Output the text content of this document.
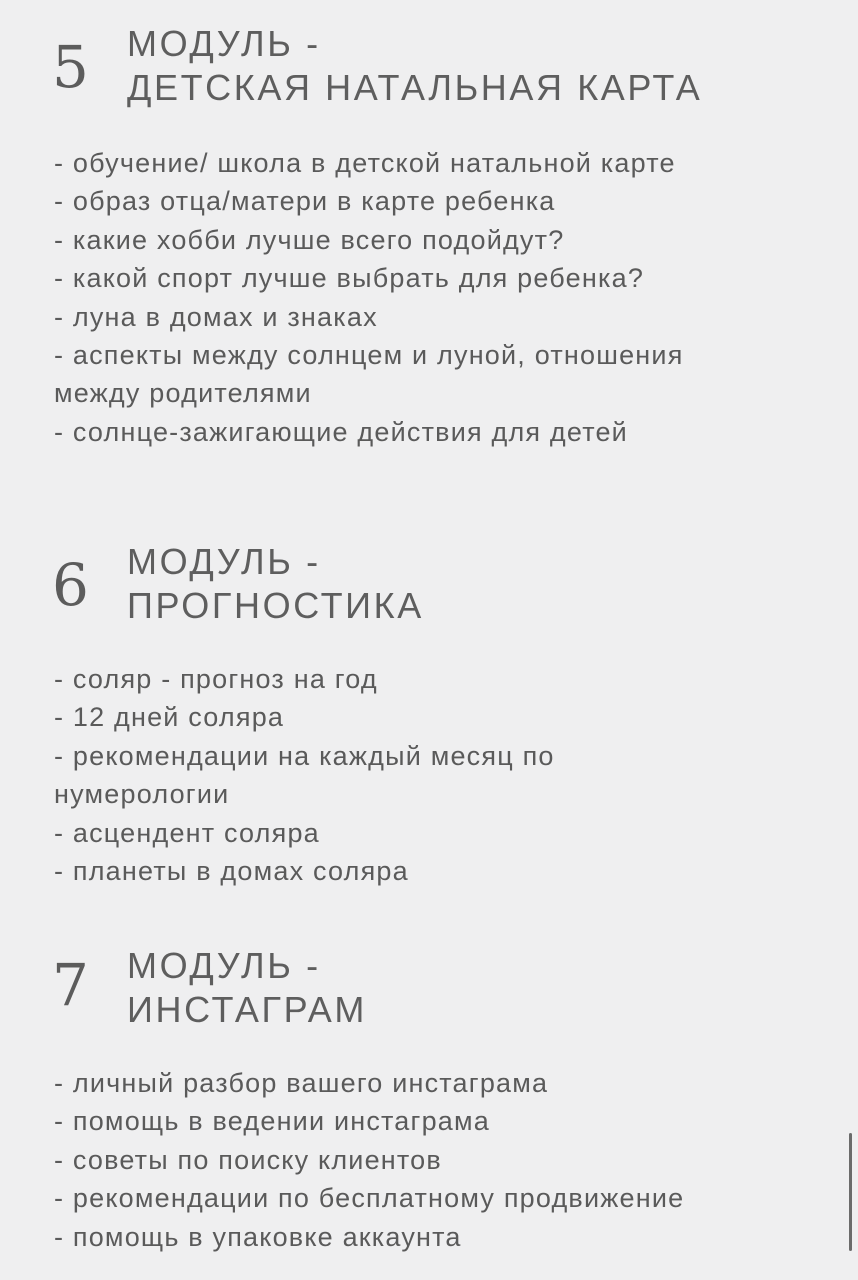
5 МОДУЛЬ -
ДЕТСКАЯ НАТАЛЬНАЯ КАРТА
- обучение/ школа в детской натальной карте
- образ отца/матери в карте ребенка
- какие хобби лучше всего подойдут?
- какой спорт лучше выбрать для ребенка?
- луна в домах и знаках
- аспекты между солнцем и луной, отношения
между родителями
- солнце-зажигающие действия для детей
6 МОДУЛЬ -
ПРОГНОСТИКА
- соляр - прогноз на год
- 12 дней соляра
- рекомендации на каждый месяц по
нумерологии
- асцендент соляра
- планеты в домах соляра
7 МОДУЛЬ -
ИНСТАГРАМ
- личный разбор вашего инстаграма
- помощь в ведении инстаграма
- советы по поиску клиентов
- рекомендации по бесплатному продвижение
- помощь в упаковке аккаунта
